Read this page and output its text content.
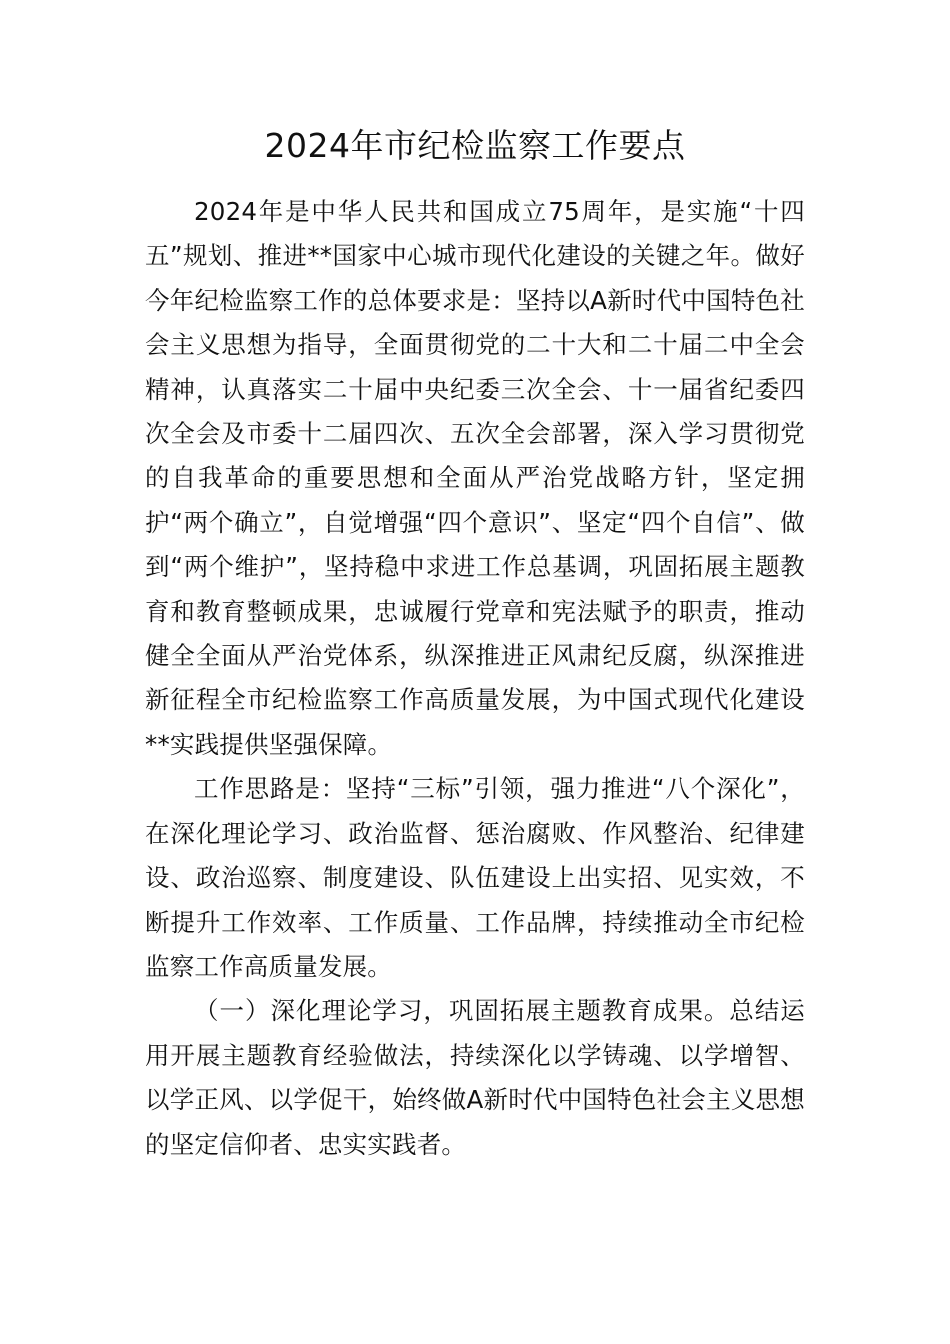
2024年市纪检监察工作要点

2024年是中华人民共和国成立75周年，是实施“十四五”规划、推进**国家中心城市现代化建设的关键之年。做好今年纪检监察工作的总体要求是：坚持以A新时代中国特色社会主义思想为指导，全面贯彻党的二十大和二十届二中全会精神，认真落实二十届中央纪委三次全会、十一届省纪委四次全会及市委十二届四次、五次全会部署，深入学习贯彻党的自我革命的重要思想和全面从严治党战略方针，坚定拥护“两个确立”，自觉增强“四个意识”、坚定“四个自信”、做到“两个维护”，坚持稳中求进工作总基调，巩固拓展主题教育和教育整顿成果，忠诚履行党章和宪法赋予的职责，推动健全全面从严治党体系，纵深推进正风肃纪反腐，纵深推进新征程全市纪检监察工作高质量发展，为中国式现代化建设**实践提供坚强保障。

工作思路是：坚持“三标”引领，强力推进“八个深化”，在深化理论学习、政治监督、惩治腐败、作风整治、纪律建设、政治巡察、制度建设、队伍建设上出实招、见实效，不断提升工作效率、工作质量、工作品牌，持续推动全市纪检监察工作高质量发展。

（一）深化理论学习，巩固拓展主题教育成果。总结运用开展主题教育经验做法，持续深化以学铸魂、以学增智、以学正风、以学促干，始终做A新时代中国特色社会主义思想的坚定信仰者、忠实实践者。
